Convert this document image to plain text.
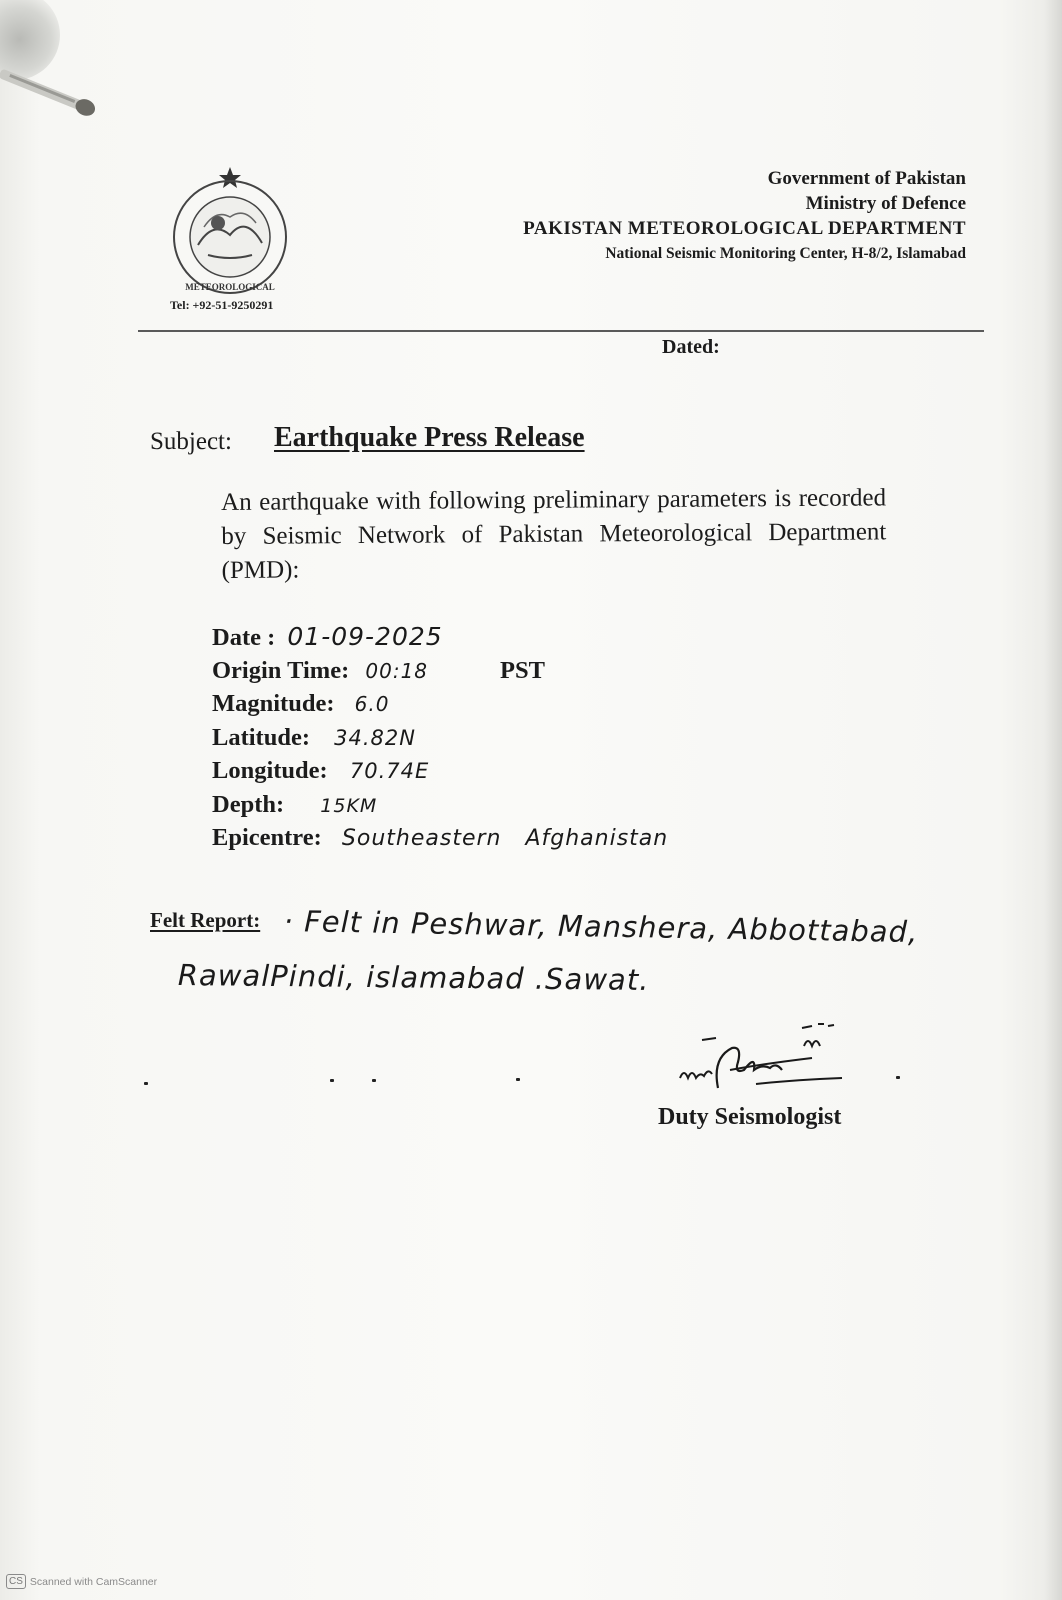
METEOROLOGICAL
Tel: +92-51-9250291
Government of Pakistan
Ministry of Defence
PAKISTAN METEOROLOGICAL DEPARTMENT
National Seismic Monitoring Center, H-8/2, Islamabad
Dated:
Subject: Earthquake Press Release
An earthquake with following preliminary parameters is recorded by Seismic Network of Pakistan Meteorological Department (PMD):
Date : 01-09-2025
Origin Time: 00:18	PST
Magnitude: 6.0
Latitude: 34.82N
Longitude: 70.74E
Depth: 15KM
Epicentre: Southeastern   Afghanistan
Felt Report: · Felt in Peshwar, Manshera, Abbottabad,
RawalPindi, islamabad .Sawat.
Duty Seismologist
CS Scanned with CamScanner
